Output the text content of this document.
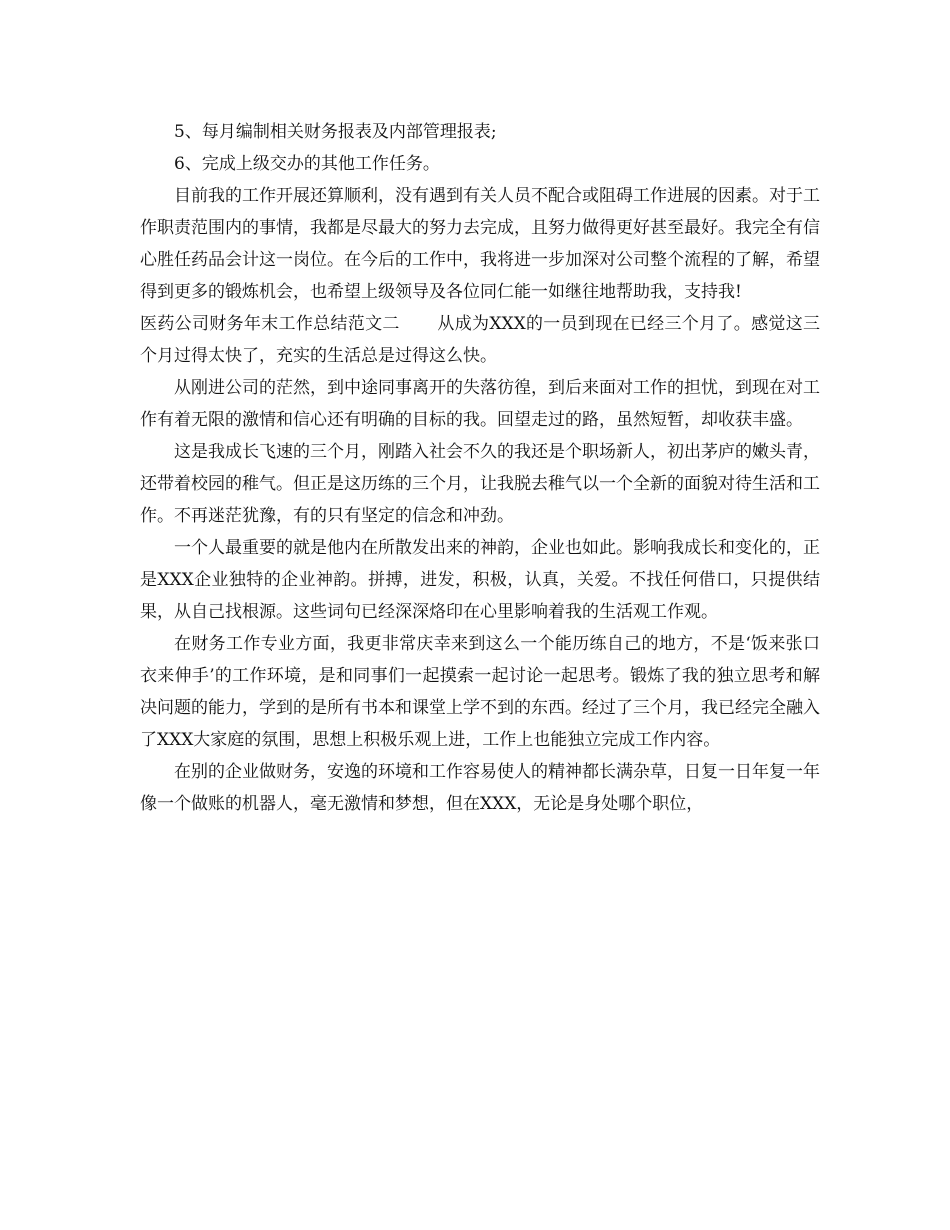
5、每月编制相关财务报表及内部管理报表;

6、完成上级交办的其他工作任务。

目前我的工作开展还算顺利，没有遇到有关人员不配合或阻碍工作进展的因素。对于工作职责范围内的事情，我都是尽最大的努力去完成，且努力做得更好甚至最好。我完全有信心胜任药品会计这一岗位。在今后的工作中，我将进一步加深对公司整个流程的了解，希望得到更多的锻炼机会，也希望上级领导及各位同仁能一如继往地帮助我，支持我!

医药公司财务年末工作总结范文二 从成为XXX的一员到现在已经三个月了。感觉这三个月过得太快了，充实的生活总是过得这么快。

从刚进公司的茫然，到中途同事离开的失落彷徨，到后来面对工作的担忧，到现在对工作有着无限的激情和信心还有明确的目标的我。回望走过的路，虽然短暂，却收获丰盛。

这是我成长飞速的三个月，刚踏入社会不久的我还是个职场新人，初出茅庐的嫩头青，还带着校园的稚气。但正是这历练的三个月，让我脱去稚气以一个全新的面貌对待生活和工作。不再迷茫犹豫，有的只有坚定的信念和冲劲。

一个人最重要的就是他内在所散发出来的神韵，企业也如此。影响我成长和变化的，正是XXX企业独特的企业神韵。拼搏，进发，积极，认真，关爱。不找任何借口，只提供结果，从自己找根源。这些词句已经深深烙印在心里影响着我的生活观工作观。

在财务工作专业方面，我更非常庆幸来到这么一个能历练自己的地方，不是‘饭来张口衣来伸手’的工作环境，是和同事们一起摸索一起讨论一起思考。锻炼了我的独立思考和解决问题的能力，学到的是所有书本和课堂上学不到的东西。经过了三个月，我已经完全融入了XXX大家庭的氛围，思想上积极乐观上进，工作上也能独立完成工作内容。

在别的企业做财务，安逸的环境和工作容易使人的精神都长满杂草，日复一日年复一年像一个做账的机器人，毫无激情和梦想，但在XXX，无论是身处哪个职位，
